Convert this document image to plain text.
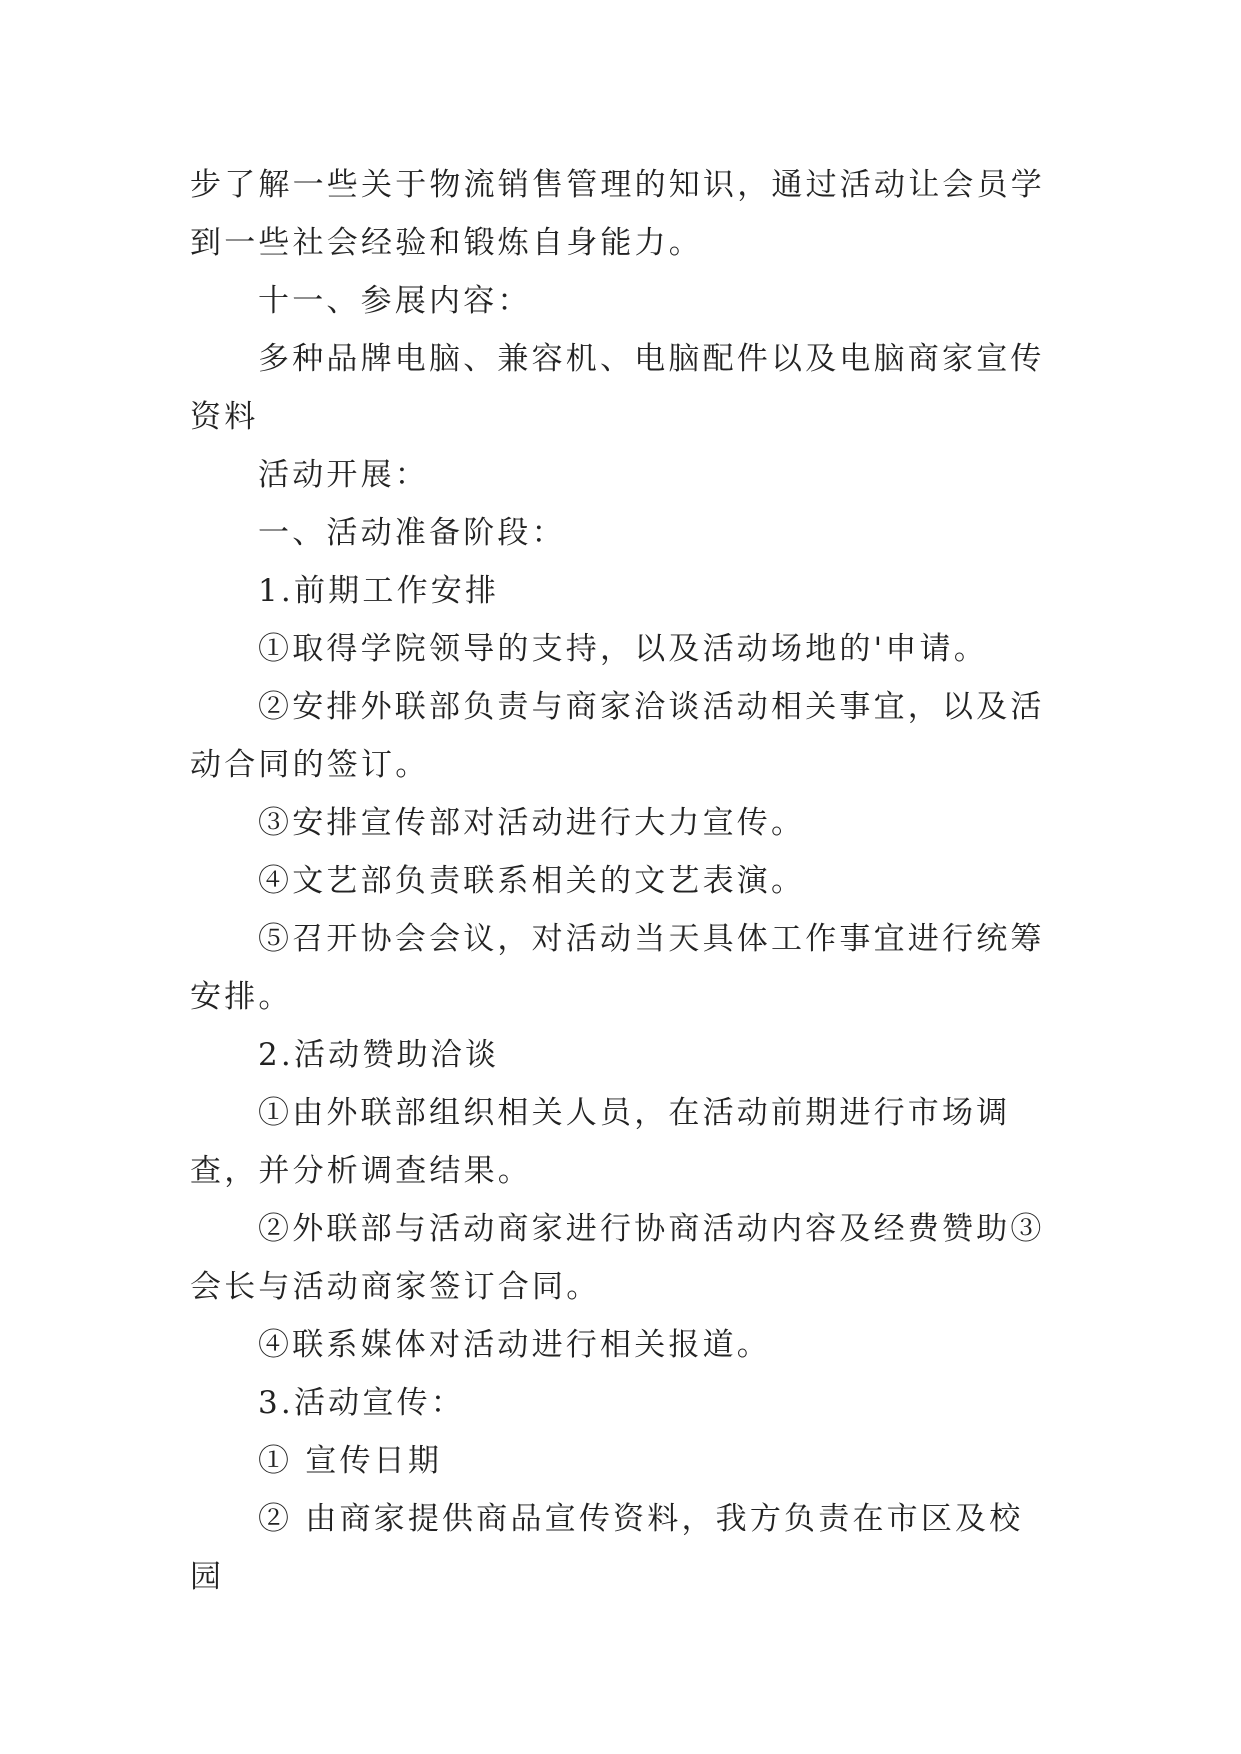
步了解一些关于物流销售管理的知识，通过活动让会员学到一些社会经验和锻炼自身能力。

十一、参展内容：

多种品牌电脑、兼容机、电脑配件以及电脑商家宣传资料

活动开展：

一、活动准备阶段：

1.前期工作安排

①取得学院领导的支持，以及活动场地的'申请。

②安排外联部负责与商家洽谈活动相关事宜，以及活动合同的签订。

③安排宣传部对活动进行大力宣传。

④文艺部负责联系相关的文艺表演。

⑤召开协会会议，对活动当天具体工作事宜进行统筹安排。

2.活动赞助洽谈

①由外联部组织相关人员，在活动前期进行市场调查，并分析调查结果。

②外联部与活动商家进行协商活动内容及经费赞助③会长与活动商家签订合同。

④联系媒体对活动进行相关报道。

3.活动宣传：

① 宣传日期

② 由商家提供商品宣传资料，我方负责在市区及校园
